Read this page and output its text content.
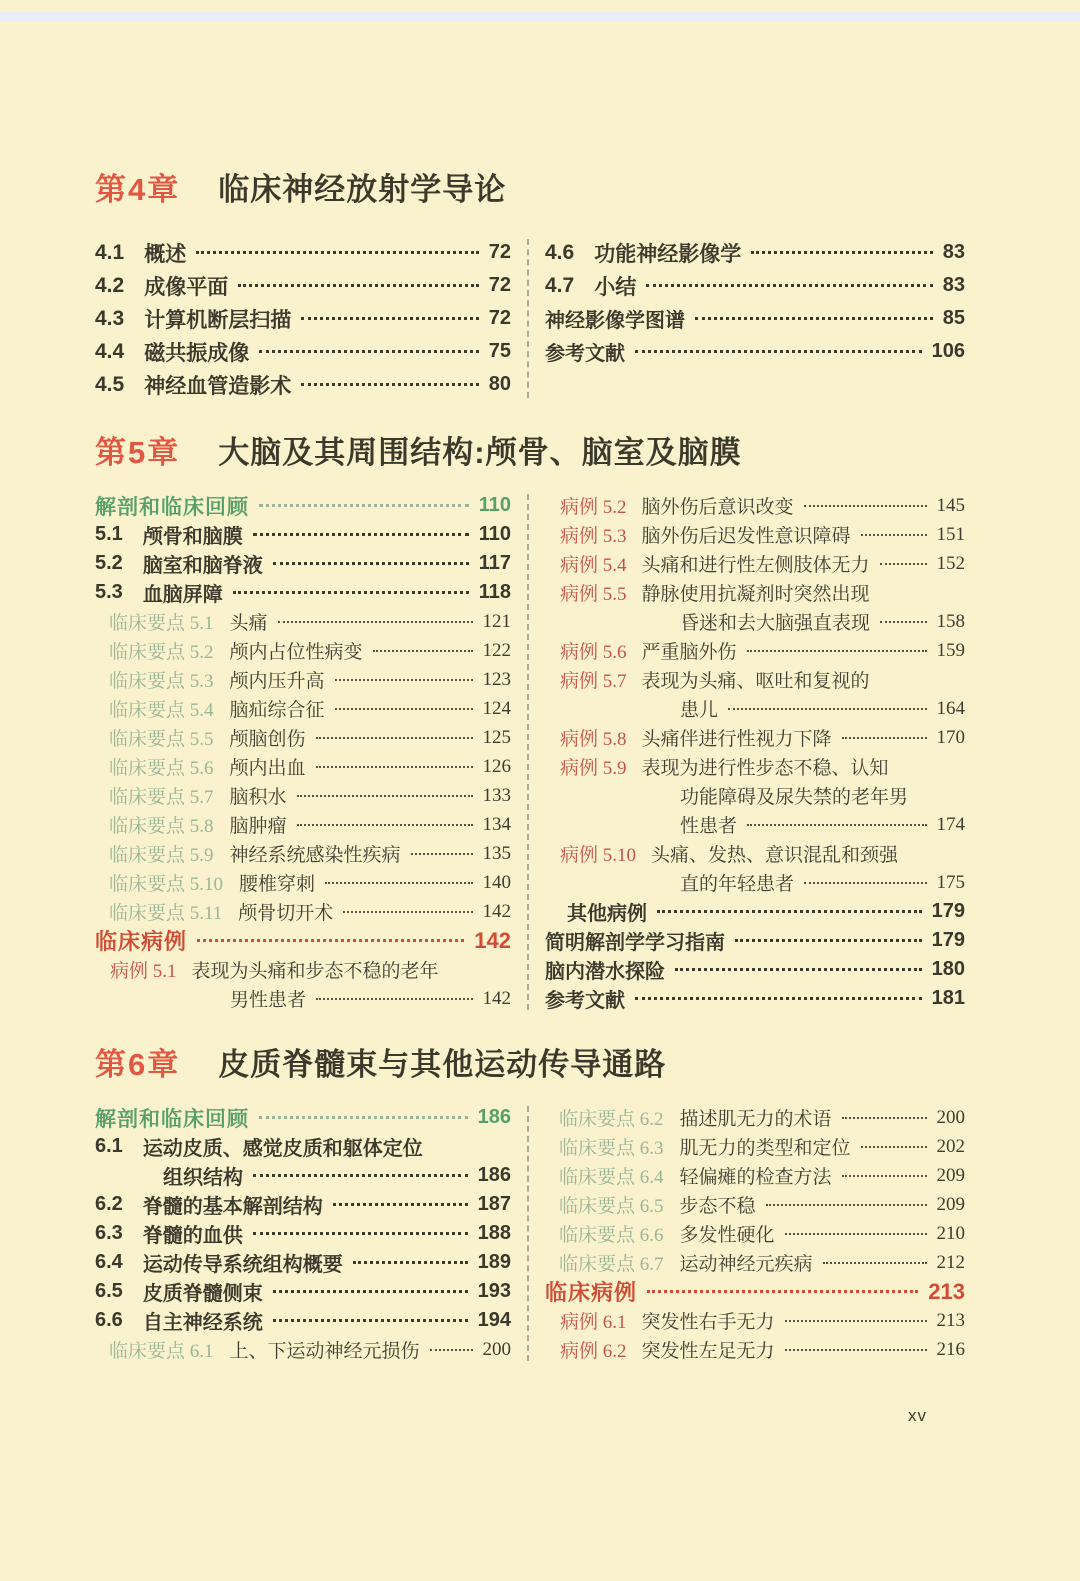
第4章 临床神经放射学导论
4.1 概述	72
4.2 成像平面	72
4.3 计算机断层扫描	72
4.4 磁共振成像	75
4.5 神经血管造影术	80
4.6 功能神经影像学	83
4.7 小结	83
神经影像学图谱	85
参考文献	106
第5章 大脑及其周围结构:颅骨、脑室及脑膜
解剖和临床回顾	110
5.1 颅骨和脑膜	110
5.2 脑室和脑脊液	117
5.3 血脑屏障	118
临床要点 5.1 头痛	121
临床要点 5.2 颅内占位性病变	122
临床要点 5.3 颅内压升高	123
临床要点 5.4 脑疝综合征	124
临床要点 5.5 颅脑创伤	125
临床要点 5.6 颅内出血	126
临床要点 5.7 脑积水	133
临床要点 5.8 脑肿瘤	134
临床要点 5.9 神经系统感染性疾病	135
临床要点 5.10 腰椎穿刺	140
临床要点 5.11 颅骨切开术	142
临床病例	142
病例 5.1 表现为头痛和步态不稳的老年
男性患者	142
病例 5.2 脑外伤后意识改变	145
病例 5.3 脑外伤后迟发性意识障碍	151
病例 5.4 头痛和进行性左侧肢体无力	152
病例 5.5 静脉使用抗凝剂时突然出现
昏迷和去大脑强直表现	158
病例 5.6 严重脑外伤	159
病例 5.7 表现为头痛、呕吐和复视的
患儿	164
病例 5.8 头痛伴进行性视力下降	170
病例 5.9 表现为进行性步态不稳、认知
功能障碍及尿失禁的老年男
性患者	174
病例 5.10 头痛、发热、意识混乱和颈强
直的年轻患者	175
其他病例	179
简明解剖学学习指南	179
脑内潜水探险	180
参考文献	181
第6章 皮质脊髓束与其他运动传导通路
解剖和临床回顾	186
6.1 运动皮质、感觉皮质和躯体定位
组织结构	186
6.2 脊髓的基本解剖结构	187
6.3 脊髓的血供	188
6.4 运动传导系统组构概要	189
6.5 皮质脊髓侧束	193
6.6 自主神经系统	194
临床要点 6.1 上、下运动神经元损伤	200
临床要点 6.2 描述肌无力的术语	200
临床要点 6.3 肌无力的类型和定位	202
临床要点 6.4 轻偏瘫的检查方法	209
临床要点 6.5 步态不稳	209
临床要点 6.6 多发性硬化	210
临床要点 6.7 运动神经元疾病	212
临床病例	213
病例 6.1 突发性右手无力	213
病例 6.2 突发性左足无力	216
xv
